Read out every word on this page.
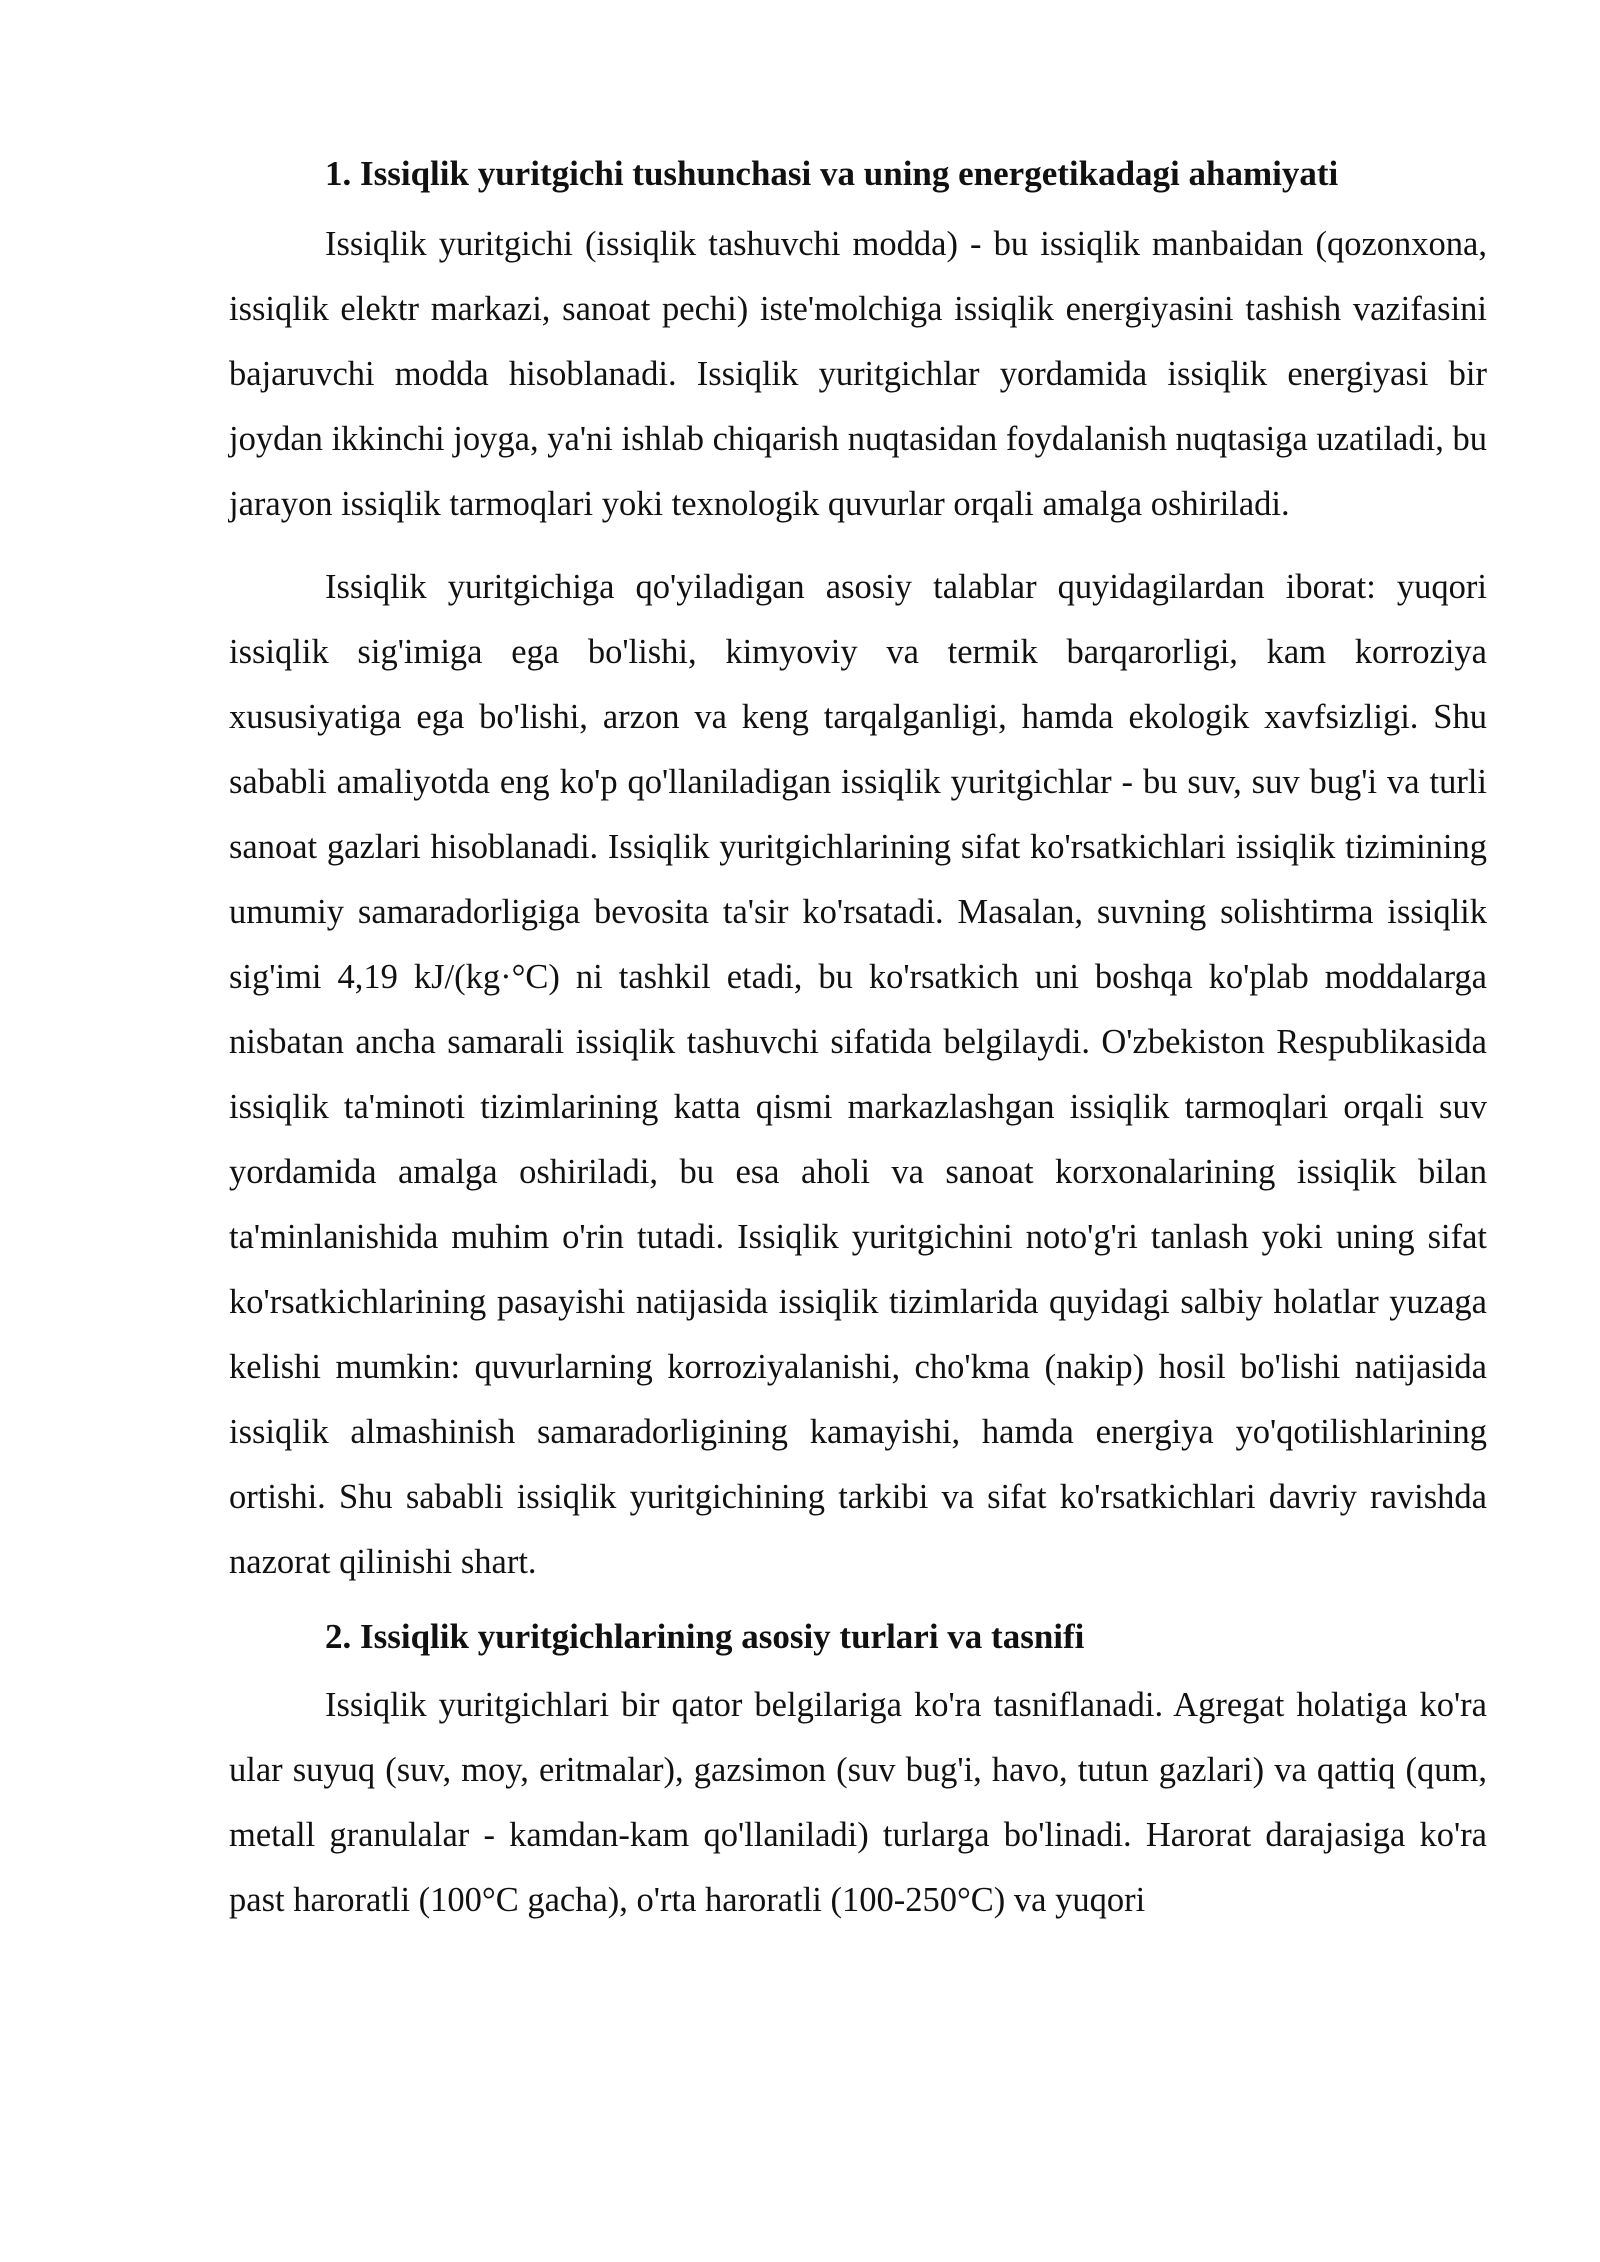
1. Issiqlik yuritgichi tushunchasi va uning energetikadagi ahamiyati

Issiqlik yuritgichi (issiqlik tashuvchi modda) - bu issiqlik manbaidan (qozonxona, issiqlik elektr markazi, sanoat pechi) iste'molchiga issiqlik energiyasini tashish vazifasini bajaruvchi modda hisoblanadi. Issiqlik yuritgichlar yordamida issiqlik energiyasi bir joydan ikkinchi joyga, ya'ni ishlab chiqarish nuqtasidan foydalanish nuqtasiga uzatiladi, bu jarayon issiqlik tarmoqlari yoki texnologik quvurlar orqali amalga oshiriladi.

Issiqlik yuritgichiga qo'yiladigan asosiy talablar quyidagilardan iborat: yuqori issiqlik sig'imiga ega bo'lishi, kimyoviy va termik barqarorligi, kam korroziya xususiyatiga ega bo'lishi, arzon va keng tarqalganligi, hamda ekologik xavfsizligi. Shu sababli amaliyotda eng ko'p qo'llaniladigan issiqlik yuritgichlar - bu suv, suv bug'i va turli sanoat gazlari hisoblanadi. Issiqlik yuritgichlarining sifat ko'rsatkichlari issiqlik tizimining umumiy samaradorligiga bevosita ta'sir ko'rsatadi. Masalan, suvning solishtirma issiqlik sig'imi 4,19 kJ/(kg·°C) ni tashkil etadi, bu ko'rsatkich uni boshqa ko'plab moddalarga nisbatan ancha samarali issiqlik tashuvchi sifatida belgilaydi. O'zbekiston Respublikasida issiqlik ta'minoti tizimlarining katta qismi markazlashgan issiqlik tarmoqlari orqali suv yordamida amalga oshiriladi, bu esa aholi va sanoat korxonalarining issiqlik bilan ta'minlanishida muhim o'rin tutadi. Issiqlik yuritgichini noto'g'ri tanlash yoki uning sifat ko'rsatkichlarining pasayishi natijasida issiqlik tizimlarida quyidagi salbiy holatlar yuzaga kelishi mumkin: quvurlarning korroziyalanishi, cho'kma (nakip) hosil bo'lishi natijasida issiqlik almashinish samaradorligining kamayishi, hamda energiya yo'qotilishlarining ortishi. Shu sababli issiqlik yuritgichining tarkibi va sifat ko'rsatkichlari davriy ravishda nazorat qilinishi shart.

2. Issiqlik yuritgichlarining asosiy turlari va tasnifi

Issiqlik yuritgichlari bir qator belgilariga ko'ra tasniflanadi. Agregat holatiga ko'ra ular suyuq (suv, moy, eritmalar), gazsimon (suv bug'i, havo, tutun gazlari) va qattiq (qum, metall granulalar - kamdan-kam qo'llaniladi) turlarga bo'linadi. Harorat darajasiga ko'ra past haroratli (100°C gacha), o'rta haroratli (100-250°C) va yuqori
